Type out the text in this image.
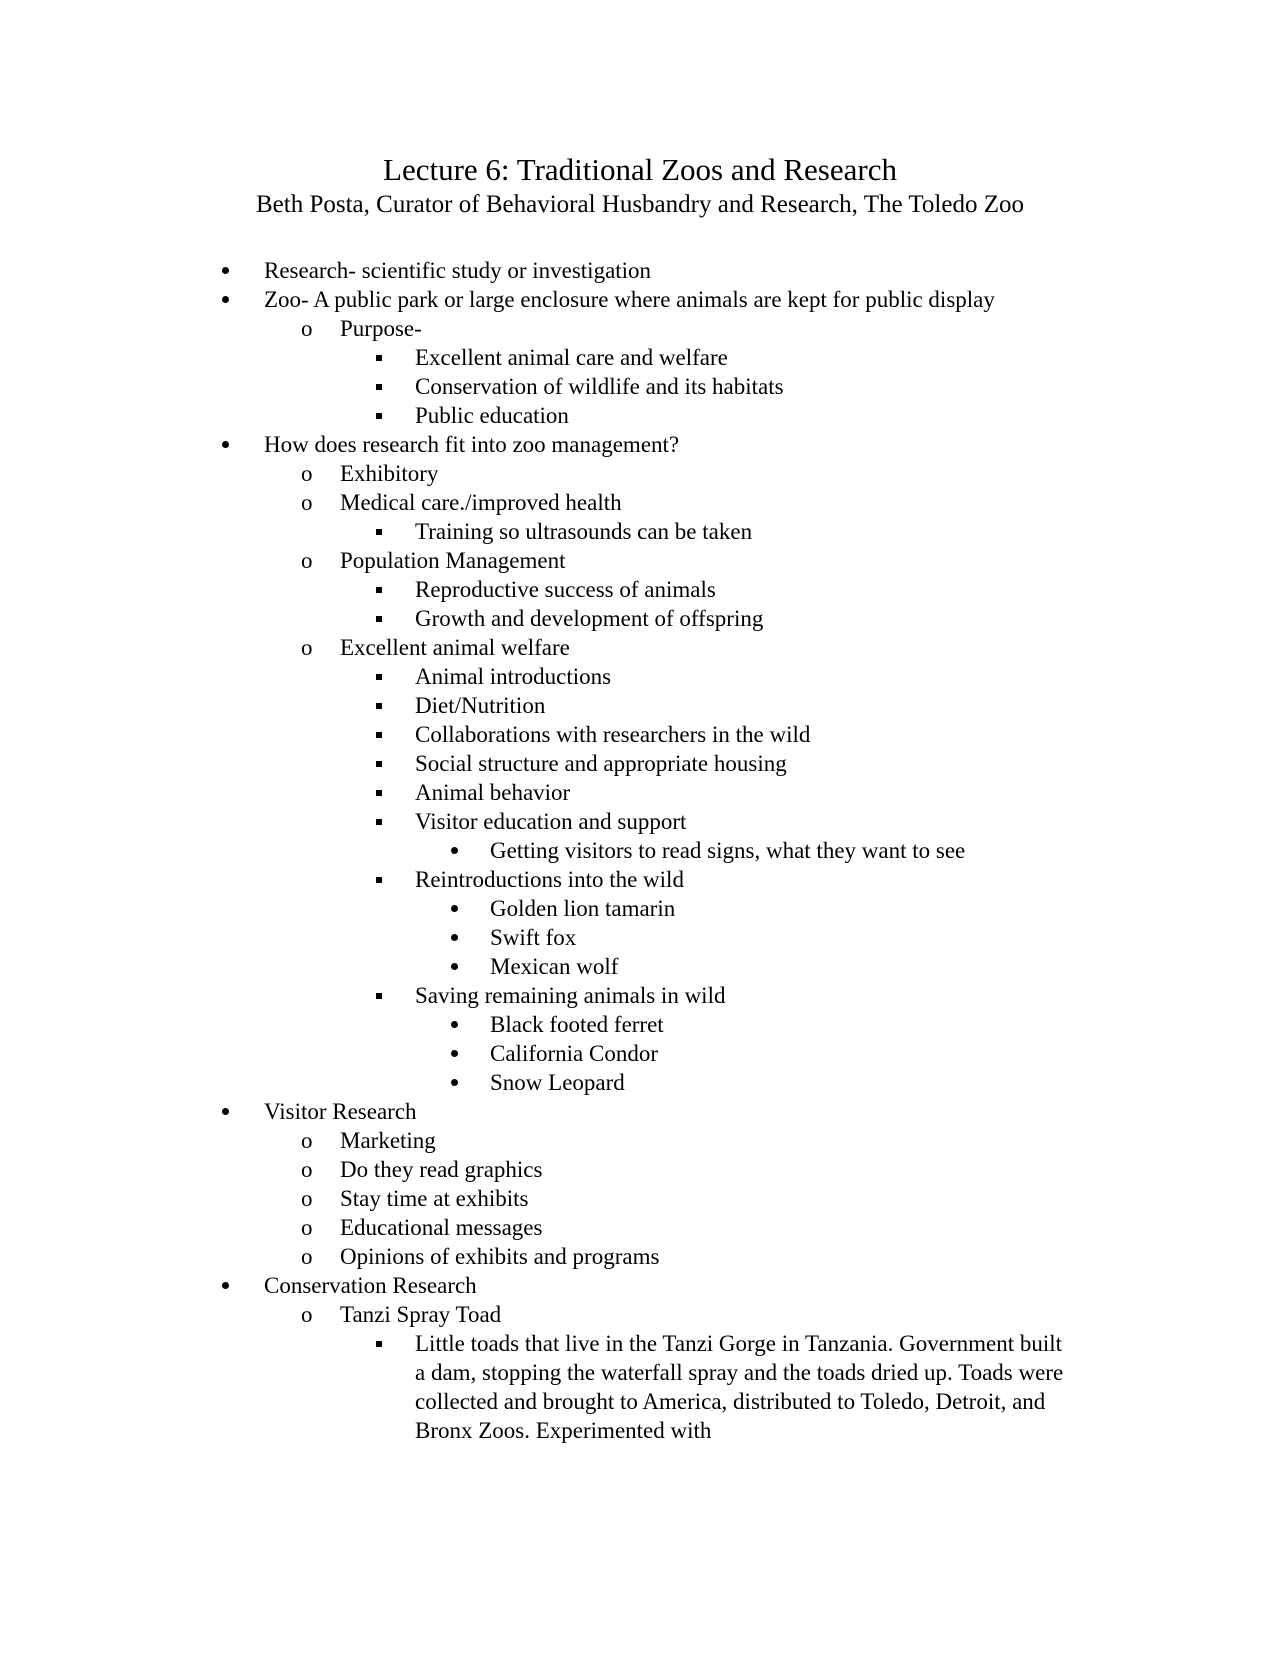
Lecture 6: Traditional Zoos and Research
Beth Posta, Curator of Behavioral Husbandry and Research, The Toledo Zoo
Research- scientific study or investigation
Zoo- A public park or large enclosure where animals are kept for public display
o	Purpose-
Excellent animal care and welfare
Conservation of wildlife and its habitats
Public education
How does research fit into zoo management?
o	Exhibitory
o	Medical care./improved health
Training so ultrasounds can be taken
o	Population Management
Reproductive success of animals
Growth and development of offspring
o	Excellent animal welfare
Animal introductions
Diet/Nutrition
Collaborations with researchers in the wild
Social structure and appropriate housing
Animal behavior
Visitor education and support
Getting visitors to read signs, what they want to see
Reintroductions into the wild
Golden lion tamarin
Swift fox
Mexican wolf
Saving remaining animals in wild
Black footed ferret
California Condor
Snow Leopard
Visitor Research
o	Marketing
o	Do they read graphics
o	Stay time at exhibits
o	Educational messages
o	Opinions of exhibits and programs
Conservation Research
o	Tanzi Spray Toad
Little toads that live in the Tanzi Gorge in Tanzania. Government built a dam, stopping the waterfall spray and the toads dried up. Toads were collected and brought to America, distributed to Toledo, Detroit, and Bronx Zoos. Experimented with
